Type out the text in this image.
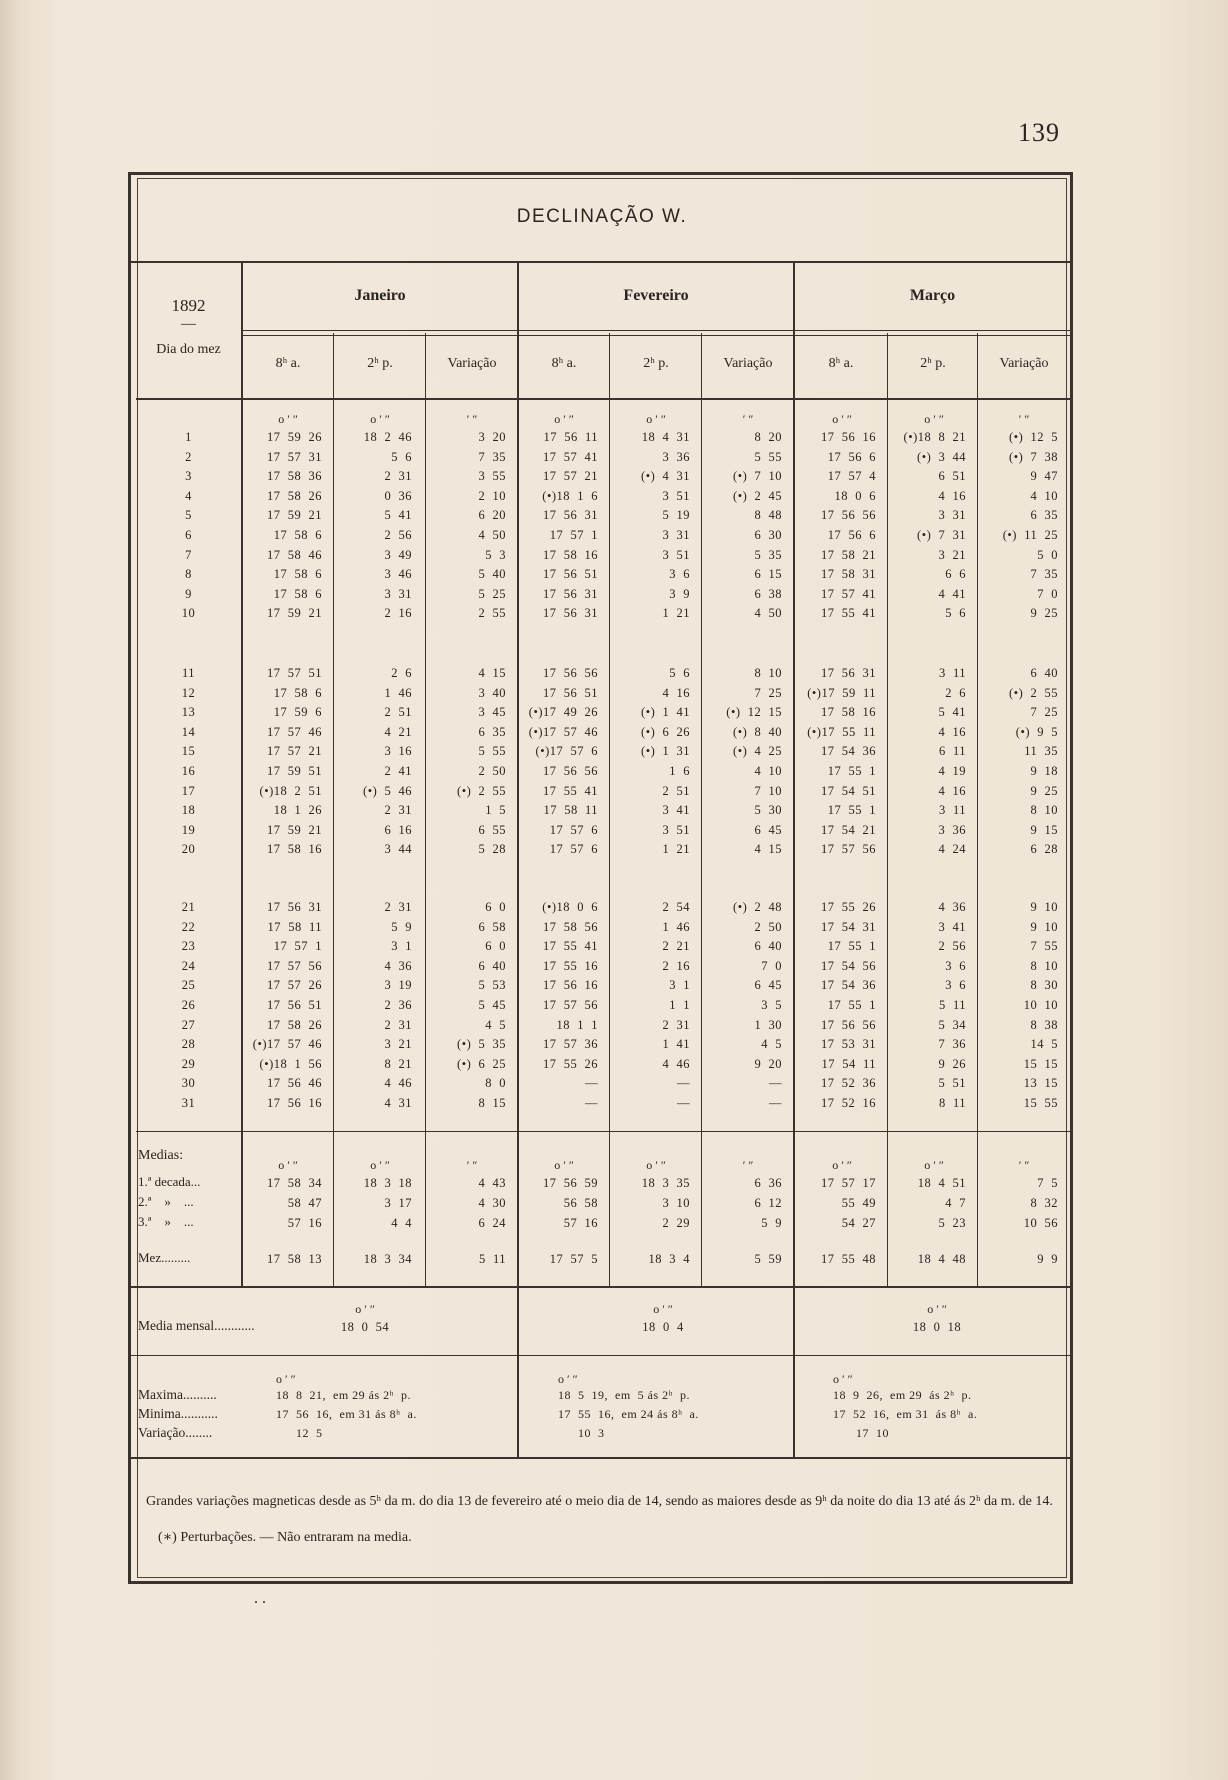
139
DECLINAÇÃO W.
1892
—
Dia do mez
Janeiro	Fevereiro	Março
8ʰ a.	2ʰ p.	Variação	8ʰ a.	2ʰ p.	Variação	8ʰ a.	2ʰ p.	Variação
o ′ ″	o ′ ″	′ ″	o ′ ″	o ′ ″	′ ″	o ′ ″	o ′ ″	′ ″
o ′ ″	o ′ ″	′ ″	o ′ ″	o ′ ″	′ ″	o ′ ″	o ′ ″	′ ″
1	17  59  26	18  2  46	3  20	17  56  11	18  4  31	8  20	17  56  16	(•)18  8  21	(•)  12  5
2	17  57  31	5  6	7  35	17  57  41	3  36	5  55	17  56  6	(•)  3  44	(•)  7  38
3	17  58  36	2  31	3  55	17  57  21	(•)  4  31	(•)  7  10	17  57  4	6  51	9  47
4	17  58  26	0  36	2  10	(•)18  1  6	3  51	(•)  2  45	18  0  6	4  16	4  10
5	17  59  21	5  41	6  20	17  56  31	5  19	8  48	17  56  56	3  31	6  35
6	17  58  6	2  56	4  50	17  57  1	3  31	6  30	17  56  6	(•)  7  31	(•)  11  25
7	17  58  46	3  49	5  3	17  58  16	3  51	5  35	17  58  21	3  21	5  0
8	17  58  6	3  46	5  40	17  56  51	3  6	6  15	17  58  31	6  6	7  35
9	17  58  6	3  31	5  25	17  56  31	3  9	6  38	17  57  41	4  41	7  0
10	17  59  21	2  16	2  55	17  56  31	1  21	4  50	17  55  41	5  6	9  25
11	17  57  51	2  6	4  15	17  56  56	5  6	8  10	17  56  31	3  11	6  40
12	17  58  6	1  46	3  40	17  56  51	4  16	7  25	(•)17  59  11	2  6	(•)  2  55
13	17  59  6	2  51	3  45	(•)17  49  26	(•)  1  41	(•)  12  15	17  58  16	5  41	7  25
14	17  57  46	4  21	6  35	(•)17  57  46	(•)  6  26	(•)  8  40	(•)17  55  11	4  16	(•)  9  5
15	17  57  21	3  16	5  55	(•)17  57  6	(•)  1  31	(•)  4  25	17  54  36	6  11	11  35
16	17  59  51	2  41	2  50	17  56  56	1  6	4  10	17  55  1	4  19	9  18
17	(•)18  2  51	(•)  5  46	(•)  2  55	17  55  41	2  51	7  10	17  54  51	4  16	9  25
18	18  1  26	2  31	1  5	17  58  11	3  41	5  30	17  55  1	3  11	8  10
19	17  59  21	6  16	6  55	17  57  6	3  51	6  45	17  54  21	3  36	9  15
20	17  58  16	3  44	5  28	17  57  6	1  21	4  15	17  57  56	4  24	6  28
21	17  56  31	2  31	6  0	(•)18  0  6	2  54	(•)  2  48	17  55  26	4  36	9  10
22	17  58  11	5  9	6  58	17  58  56	1  46	2  50	17  54  31	3  41	9  10
23	17  57  1	3  1	6  0	17  55  41	2  21	6  40	17  55  1	2  56	7  55
24	17  57  56	4  36	6  40	17  55  16	2  16	7  0	17  54  56	3  6	8  10
25	17  57  26	3  19	5  53	17  56  16	3  1	6  45	17  54  36	3  6	8  30
26	17  56  51	2  36	5  45	17  57  56	1  1	3  5	17  55  1	5  11	10  10
27	17  58  26	2  31	4  5	18  1  1	2  31	1  30	17  56  56	5  34	8  38
28	(•)17  57  46	3  21	(•)  5  35	17  57  36	1  41	4  5	17  53  31	7  36	14  5
29	(•)18  1  56	8  21	(•)  6  25	17  55  26	4  46	9  20	17  54  11	9  26	15  15
30	17  56  46	4  46	8  0	—	—	—	17  52  36	5  51	13  15
31	17  56  16	4  31	8  15	—	—	—	17  52  16	8  11	15  55
Medias:
1.ª decada...	17  58  34	18  3  18	4  43	17  56  59	18  3  35	6  36	17  57  17	18  4  51	7  5
2.ª    »    ...	58  47	3  17	4  30	56  58	3  10	6  12	55  49	4  7	8  32
3.ª    »    ...	57  16	4  4	6  24	57  16	2  29	5  9	54  27	5  23	10  56
Mez.........	17  58  13	18  3  34	5  11	17  57  5	18  3  4	5  59	17  55  48	18  4  48	9  9
o ′ ″	o ′ ″	o ′ ″
Media mensal............	18  0  54	18  0  4	18  0  18
o ′ ″	o ′ ″	o ′ ″
Maxima..........	18  8  21,  em 29 ás 2ʰ  p.	18  5  19,  em  5 ás 2ʰ  p.	18  9  26,  em 29  ás 2ʰ  p.
Minima...........	17  56  16,  em 31 ás 8ʰ  a.	17  55  16,  em 24 ás 8ʰ  a.	17  52  16,  em 31  ás 8ʰ  a.
Variação........	12  5	10  3	17  10
. .
Grandes variações magneticas desde as 5ʰ da m. do dia 13 de fevereiro até o meio dia de 14, sendo as maiores desde as 9ʰ da noite do dia 13 até ás 2ʰ da m. de 14.
(∗) Perturbações. — Não entraram na media.
